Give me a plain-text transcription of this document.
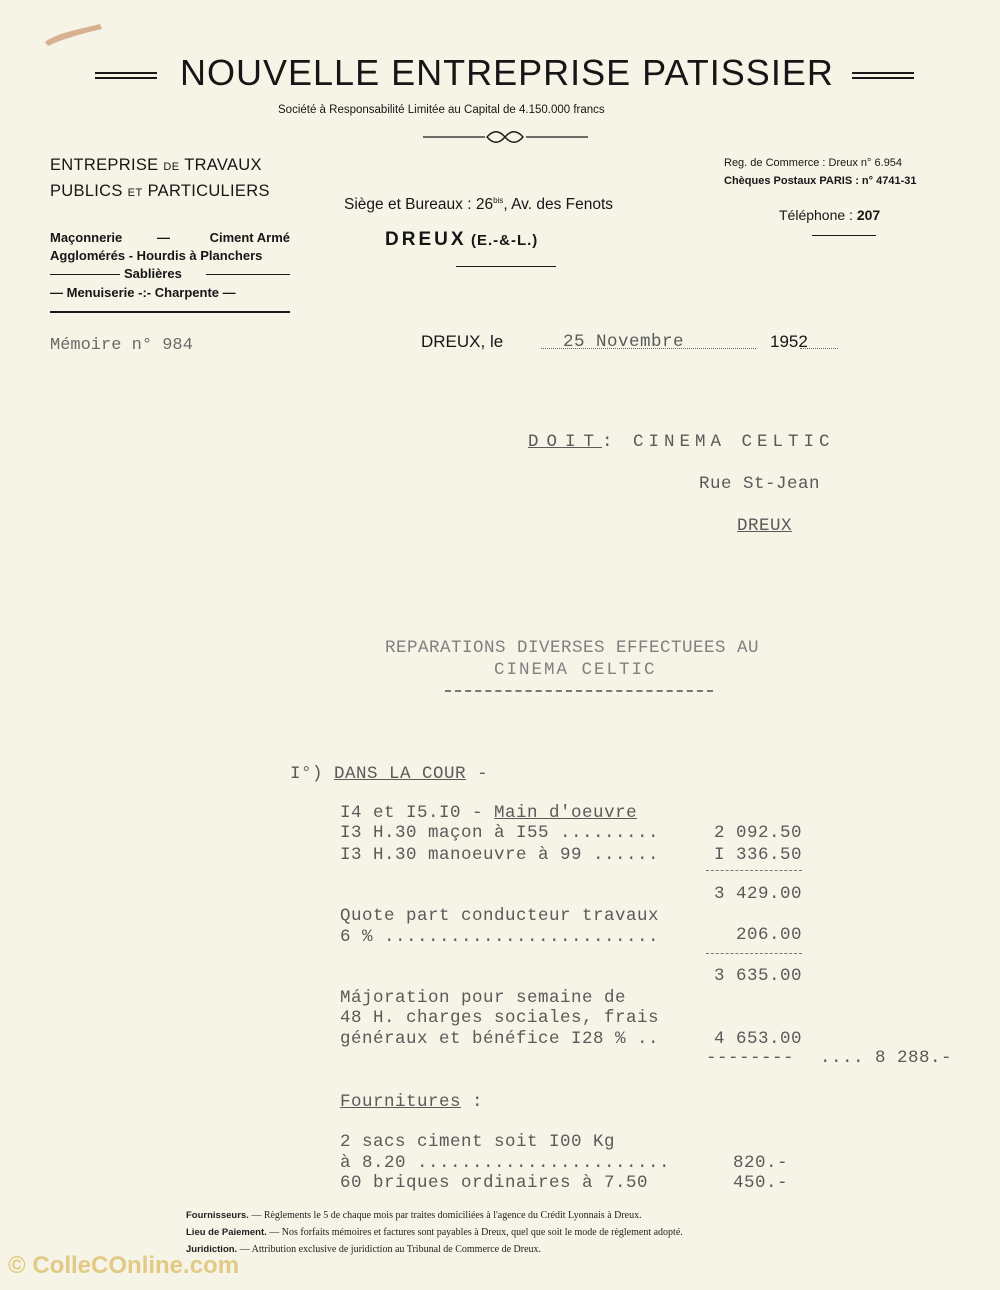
NOUVELLE ENTREPRISE PATISSIER
Société à Responsabilité Limitée au Capital de 4.150.000 francs
ENTREPRISE DE TRAVAUX
PUBLICS ET PARTICULIERS
Maçonnerie	—	Ciment Armé
Agglomérés - Hourdis à Planchers
Sablières
— Menuiserie -:- Charpente —
Siège et Bureaux : $26^{bis}$, Av. des Fenots
DREUX (E.-&-L.)
Reg. de Commerce : Dreux n° 6.954
Chèques Postaux PARIS : n° 4741-31
Téléphone : 207
Mémoire n° 984	DREUX, le	25 Novembre	1952
DOIT: CINEMA CELTIC
Rue St-Jean
DREUX
REPARATIONS DIVERSES EFFECTUEES AU
CINEMA CELTIC
I°) DANS LA COUR -
I4 et I5.I0 - Main d'oeuvre
I3 H.30 maçon à I55 .........	2 092.50
I3 H.30 manoeuvre à 99 ......	I 336.50
3 429.00
Quote part conducteur travaux
6 % .........................	206.00
3 635.00
Májoration pour semaine de
48 H. charges sociales, frais
généraux et bénéfice I28 % ..	4 653.00
-------- .... 8 288.-
Fournitures :
2 sacs ciment soit I00 Kg
à 8.20 .......................	820.-
60 briques ordinaires à 7.50	450.-
Fournisseurs. — Règlements le 5 de chaque mois par traites domiciliées à l'agence du Crédit Lyonnais à Dreux.
Lieu de Paiement. — Nos forfaits mémoires et factures sont payables à Dreux, quel que soit le mode de règlement adopté.
Juridiction. — Attribution exclusive de juridiction au Tribunal de Commerce de Dreux.
© ColleCOnline.com
